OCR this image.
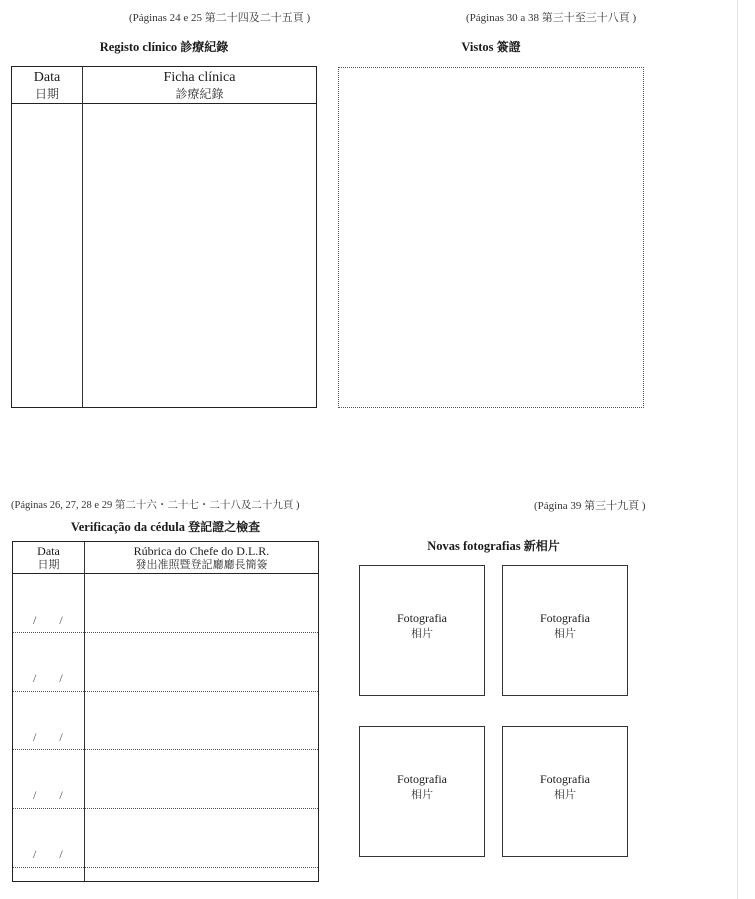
(Páginas 24 e 25 第二十四及二十五頁 )
Registo clínico 診療紀錄
Data
日期
Ficha clínica
診療紀錄
(Páginas 30 a 38 第三十至三十八頁 )
Vistos 簽證
(Páginas 26, 27, 28 e 29 第二十六・二十七・二十八及二十九頁 )
Verificação da cédula 登記證之檢查
Data
日期
Rúbrica do Chefe do D.L.R.
發出准照暨登記廳廳長簡簽
/ /
/ /
/ /
/ /
/ /
(Página 39 第三十九頁 )
Novas fotografias 新相片
Fotografia
相片
Fotografia
相片
Fotografia
相片
Fotografia
相片
